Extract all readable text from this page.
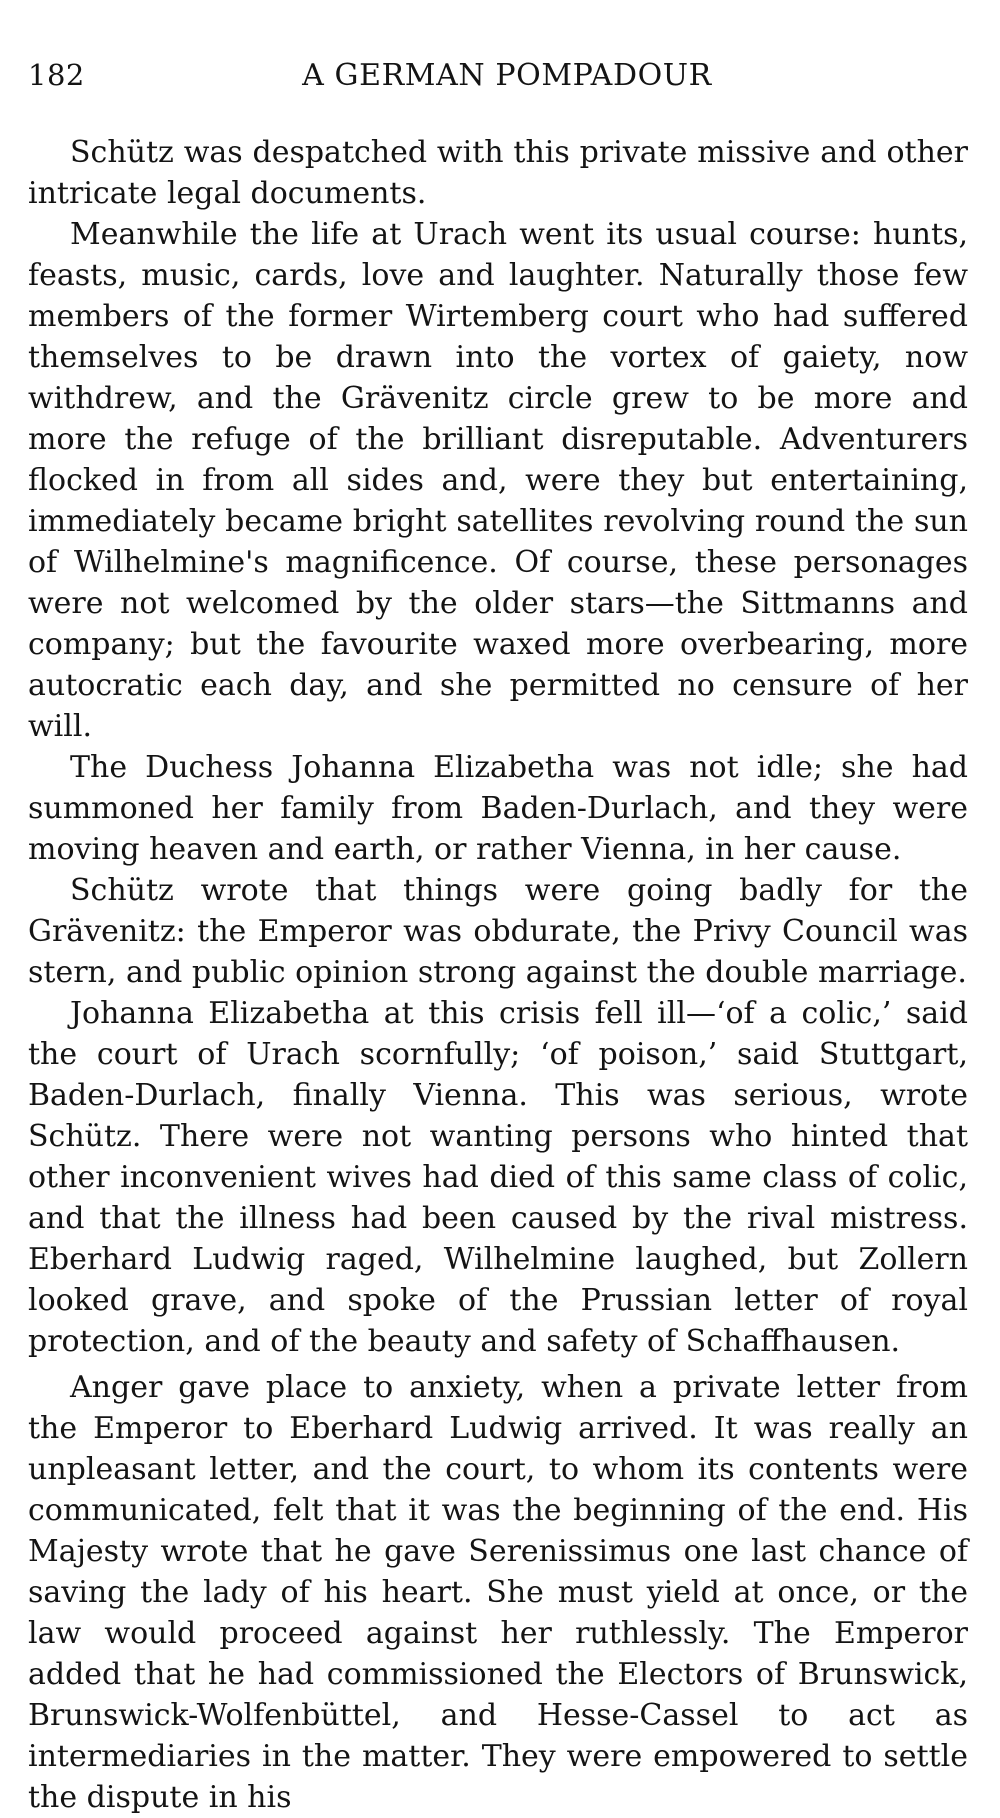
182	A GERMAN POMPADOUR

Schütz was despatched with this private missive and other intricate legal documents.

Meanwhile the life at Urach went its usual course: hunts, feasts, music, cards, love and laughter. Naturally those few members of the former Wirtemberg court who had suffered themselves to be drawn into the vortex of gaiety, now withdrew, and the Grävenitz circle grew to be more and more the refuge of the brilliant disreputable. Adventurers flocked in from all sides and, were they but entertaining, immediately became bright satellites revolving round the sun of Wilhelmine's magnificence. Of course, these personages were not welcomed by the older stars—the Sittmanns and company; but the favourite waxed more overbearing, more autocratic each day, and she permitted no censure of her will.

The Duchess Johanna Elizabetha was not idle; she had summoned her family from Baden-Durlach, and they were moving heaven and earth, or rather Vienna, in her cause.

Schütz wrote that things were going badly for the Grävenitz: the Emperor was obdurate, the Privy Council was stern, and public opinion strong against the double marriage.

Johanna Elizabetha at this crisis fell ill—‘of a colic,’ said the court of Urach scornfully; ‘of poison,’ said Stuttgart, Baden-Durlach, finally Vienna. This was serious, wrote Schütz. There were not wanting persons who hinted that other inconvenient wives had died of this same class of colic, and that the illness had been caused by the rival mistress. Eberhard Ludwig raged, Wilhelmine laughed, but Zollern looked grave, and spoke of the Prussian letter of royal protection, and of the beauty and safety of Schaffhausen.

Anger gave place to anxiety, when a private letter from the Emperor to Eberhard Ludwig arrived. It was really an unpleasant letter, and the court, to whom its contents were communicated, felt that it was the beginning of the end. His Majesty wrote that he gave Serenissimus one last chance of saving the lady of his heart. She must yield at once, or the law would proceed against her ruthlessly. The Emperor added that he had commissioned the Electors of Brunswick, Brunswick-Wolfenbüttel, and Hesse-Cassel to act as intermediaries in the matter. They were empowered to settle the dispute in his
